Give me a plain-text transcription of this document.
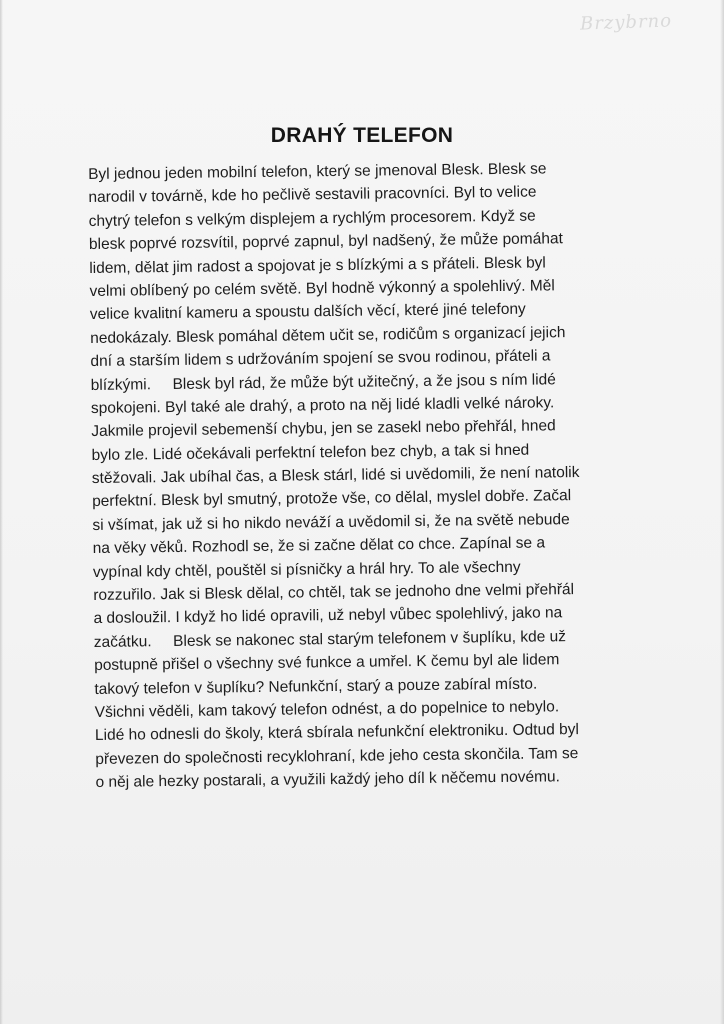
Brzybrno
DRAHÝ TELEFON
Byl jednou jeden mobilní telefon, který se jmenoval Blesk. Blesk se
narodil v továrně, kde ho pečlivě sestavili pracovníci. Byl to velice
chytrý telefon s velkým displejem a rychlým procesorem. Když se
blesk poprvé rozsvítil, poprvé zapnul, byl nadšený, že může pomáhat
lidem, dělat jim radost a spojovat je s blízkými a s přáteli. Blesk byl
velmi oblíbený po celém světě. Byl hodně výkonný a spolehlivý. Měl
velice kvalitní kameru a spoustu dalších věcí, které jiné telefony
nedokázaly. Blesk pomáhal dětem učit se, rodičům s organizací jejich
dní a starším lidem s udržováním spojení se svou rodinou, přáteli a
blízkými.     Blesk byl rád, že může být užitečný, a že jsou s ním lidé
spokojeni. Byl také ale drahý, a proto na něj lidé kladli velké nároky.
Jakmile projevil sebemenší chybu, jen se zasekl nebo přehřál, hned
bylo zle. Lidé očekávali perfektní telefon bez chyb, a tak si hned
stěžovali. Jak ubíhal čas, a Blesk stárl, lidé si uvědomili, že není natolik
perfektní. Blesk byl smutný, protože vše, co dělal, myslel dobře. Začal
si všímat, jak už si ho nikdo neváží a uvědomil si, že na světě nebude
na věky věků. Rozhodl se, že si začne dělat co chce. Zapínal se a
vypínal kdy chtěl, pouštěl si písničky a hrál hry. To ale všechny
rozzuřilo. Jak si Blesk dělal, co chtěl, tak se jednoho dne velmi přehřál
a dosloužil. I když ho lidé opravili, už nebyl vůbec spolehlivý, jako na
začátku.     Blesk se nakonec stal starým telefonem v šuplíku, kde už
postupně přišel o všechny své funkce a umřel. K čemu byl ale lidem
takový telefon v šuplíku? Nefunkční, starý a pouze zabíral místo.
Všichni věděli, kam takový telefon odnést, a do popelnice to nebylo.
Lidé ho odnesli do školy, která sbírala nefunkční elektroniku. Odtud byl
převezen do společnosti recyklohraní, kde jeho cesta skončila. Tam se
o něj ale hezky postarali, a využili každý jeho díl k něčemu novému.
